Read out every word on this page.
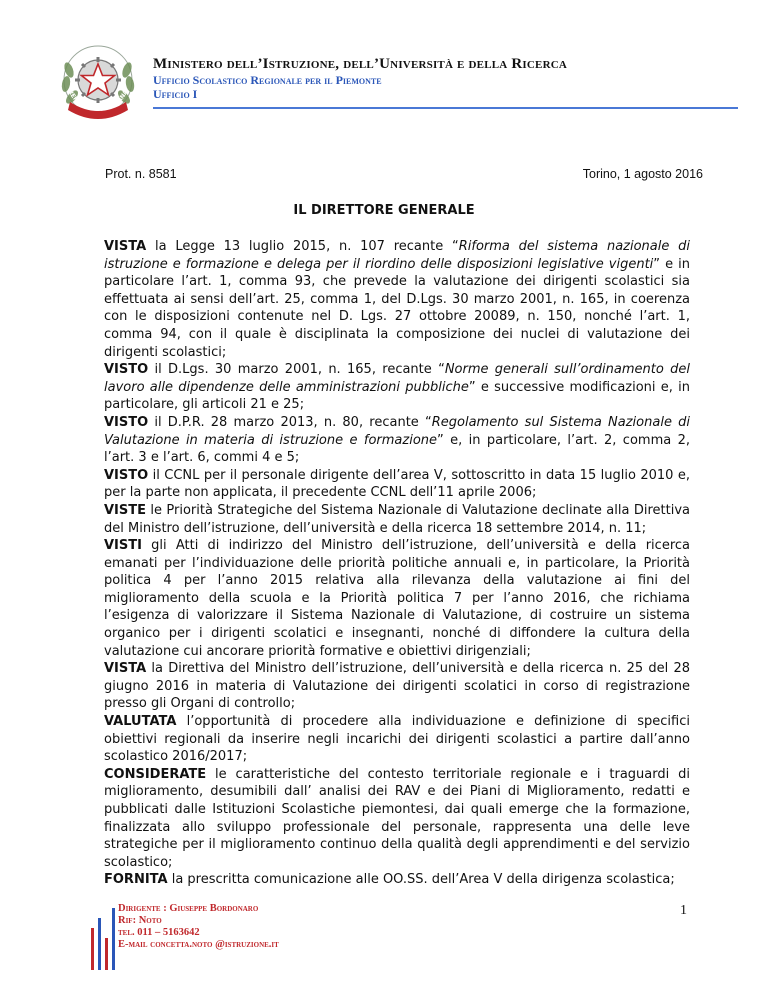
REPUBBLICA ITALIANA
Ministero dell’Istruzione, dell’Università e della Ricerca
Ufficio Scolastico Regionale per il Piemonte
Ufficio I
Prot. n. 8581	Torino, 1 agosto 2016
IL DIRETTORE GENERALE

VISTA la Legge 13 luglio 2015, n. 107 recante “Riforma del sistema nazionale di istruzione e formazione e delega per il riordino delle disposizioni legislative vigenti” e in particolare l’art. 1, comma 93, che prevede la valutazione dei dirigenti scolastici sia effettuata ai sensi dell’art. 25, comma 1, del D.Lgs. 30 marzo 2001, n. 165, in coerenza con le disposizioni contenute nel D. Lgs. 27 ottobre 20089, n. 150, nonché l’art. 1, comma 94, con il quale è disciplinata la composizione dei nuclei di valutazione dei dirigenti scolastici;

VISTO il D.Lgs. 30 marzo 2001, n. 165, recante “Norme generali sull’ordinamento del lavoro alle dipendenze delle amministrazioni pubbliche” e successive modificazioni e, in particolare, gli articoli 21 e 25;

VISTO il D.P.R. 28 marzo 2013, n. 80, recante “Regolamento sul Sistema Nazionale di Valutazione in materia di istruzione e formazione” e, in particolare, l’art. 2, comma 2, l’art. 3 e l’art. 6, commi 4 e 5;

VISTO il CCNL per il personale dirigente dell’area V, sottoscritto in data 15 luglio 2010 e, per la parte non applicata, il precedente CCNL dell’11 aprile 2006;

VISTE le Priorità Strategiche del Sistema Nazionale di Valutazione declinate alla Direttiva del Ministro dell’istruzione, dell’università e della ricerca 18 settembre 2014, n. 11;

VISTI gli Atti di indirizzo del Ministro dell’istruzione, dell’università e della ricerca emanati per l’individuazione delle priorità politiche annuali e, in particolare, la Priorità politica 4 per l’anno 2015 relativa alla rilevanza della valutazione ai fini del miglioramento della scuola e la Priorità politica 7 per l’anno 2016, che richiama l’esigenza di valorizzare il Sistema Nazionale di Valutazione, di costruire un sistema organico per i dirigenti scolatici e insegnanti, nonché di diffondere la cultura della valutazione cui ancorare priorità formative e obiettivi dirigenziali;

VISTA la Direttiva del Ministro dell’istruzione, dell’università e della ricerca n. 25 del 28 giugno 2016 in materia di Valutazione dei dirigenti scolatici in corso di registrazione presso gli Organi di controllo;

VALUTATA l’opportunità di procedere alla individuazione e definizione di specifici obiettivi regionali da inserire negli incarichi dei dirigenti scolastici a partire dall’anno scolastico 2016/2017;

CONSIDERATE le caratteristiche del contesto territoriale regionale e i traguardi di miglioramento, desumibili dall’ analisi dei RAV e dei Piani di Miglioramento, redatti e pubblicati dalle Istituzioni Scolastiche piemontesi, dai quali emerge che la formazione, finalizzata allo sviluppo professionale del personale, rappresenta una delle leve strategiche per il miglioramento continuo della qualità degli apprendimenti e del servizio scolastico;

FORNITA la prescritta comunicazione alle OO.SS. dell’Area V della dirigenza scolastica;

Dirigente : Giuseppe Bordonaro
Rif: Noto
tel. 011 – 5163642
E-mail concetta.noto @istruzione.it
1
